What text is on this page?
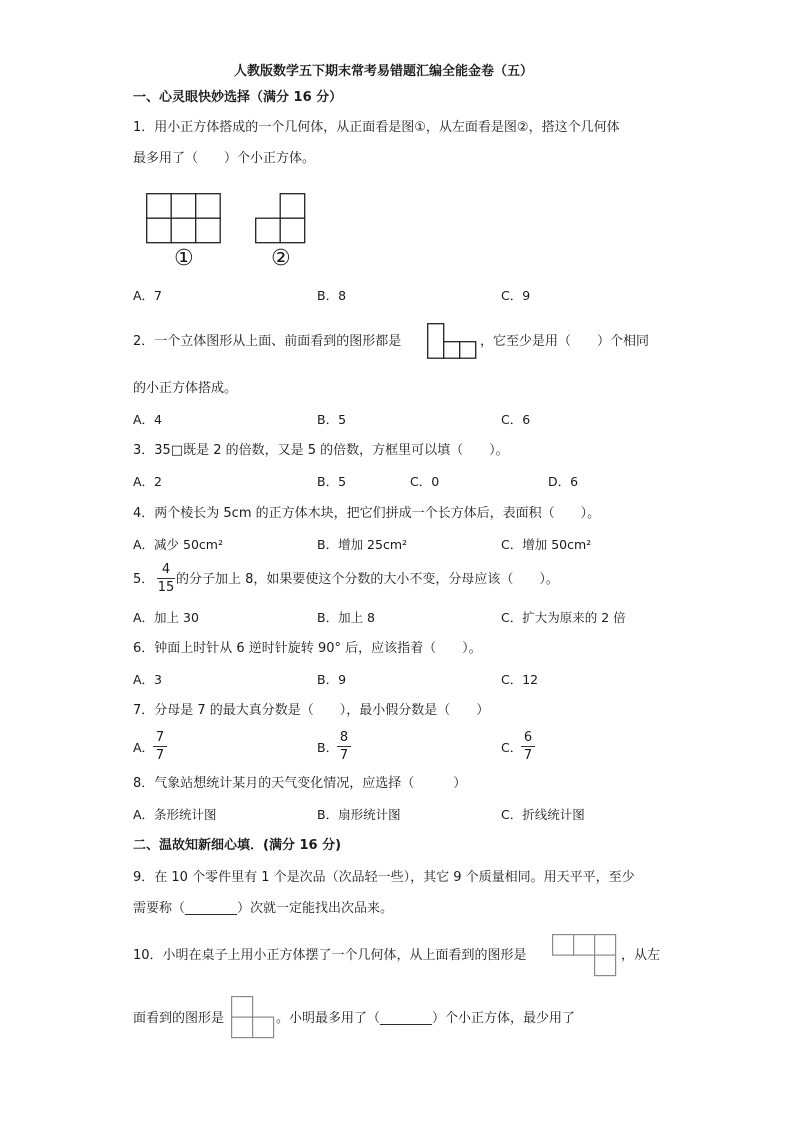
人教版数学五下期末常考易错题汇编全能金卷（五）
一、心灵眼快妙选择（满分 16 分）
1．用小正方体搭成的一个几何体，从正面看是图①，从左面看是图②，搭这个几何体
最多用了（　　）个小正方体。
①	②
A．7	B．8	C．9
2．一个立体图形从上面、前面看到的图形都是	，它至少是用（　　）个相同
的小正方体搭成。
A．4	B．5	C．6
3．35□既是 2 的倍数，又是 5 的倍数，方框里可以填（　　）。
A．2	B．5	C．0	D．6
4．两个棱长为 5cm 的正方体木块，把它们拼成一个长方体后，表面积（　　）。
A．减少 50cm²	B．增加 25cm²	C．增加 50cm²
5．
4
15
的分子加上 8，如果要使这个分数的大小不变，分母应该（　　）。
A．加上 30	B．加上 8	C．扩大为原来的 2 倍
6．钟面上时针从 6 逆时针旋转 90° 后，应该指着（　　）。
A．3	B．9	C．12
7．分母是 7 的最大真分数是（　　），最小假分数是（　　）
A．
7
7
B．
8
7
C．
6
7
8．气象站想统计某月的天气变化情况，应选择（　　　）
A．条形统计图	B．扇形统计图	C．折线统计图
二、温故知新细心填．(满分 16 分)
9．在 10 个零件里有 1 个是次品（次品轻一些），其它 9 个质量相同。用天平平，至少
需要称（________）次就一定能找出次品来。
10．小明在桌子上用小正方体摆了一个几何体，从上面看到的图形是	，从左
面看到的图形是	。小明最多用了（________）个小正方体，最少用了
